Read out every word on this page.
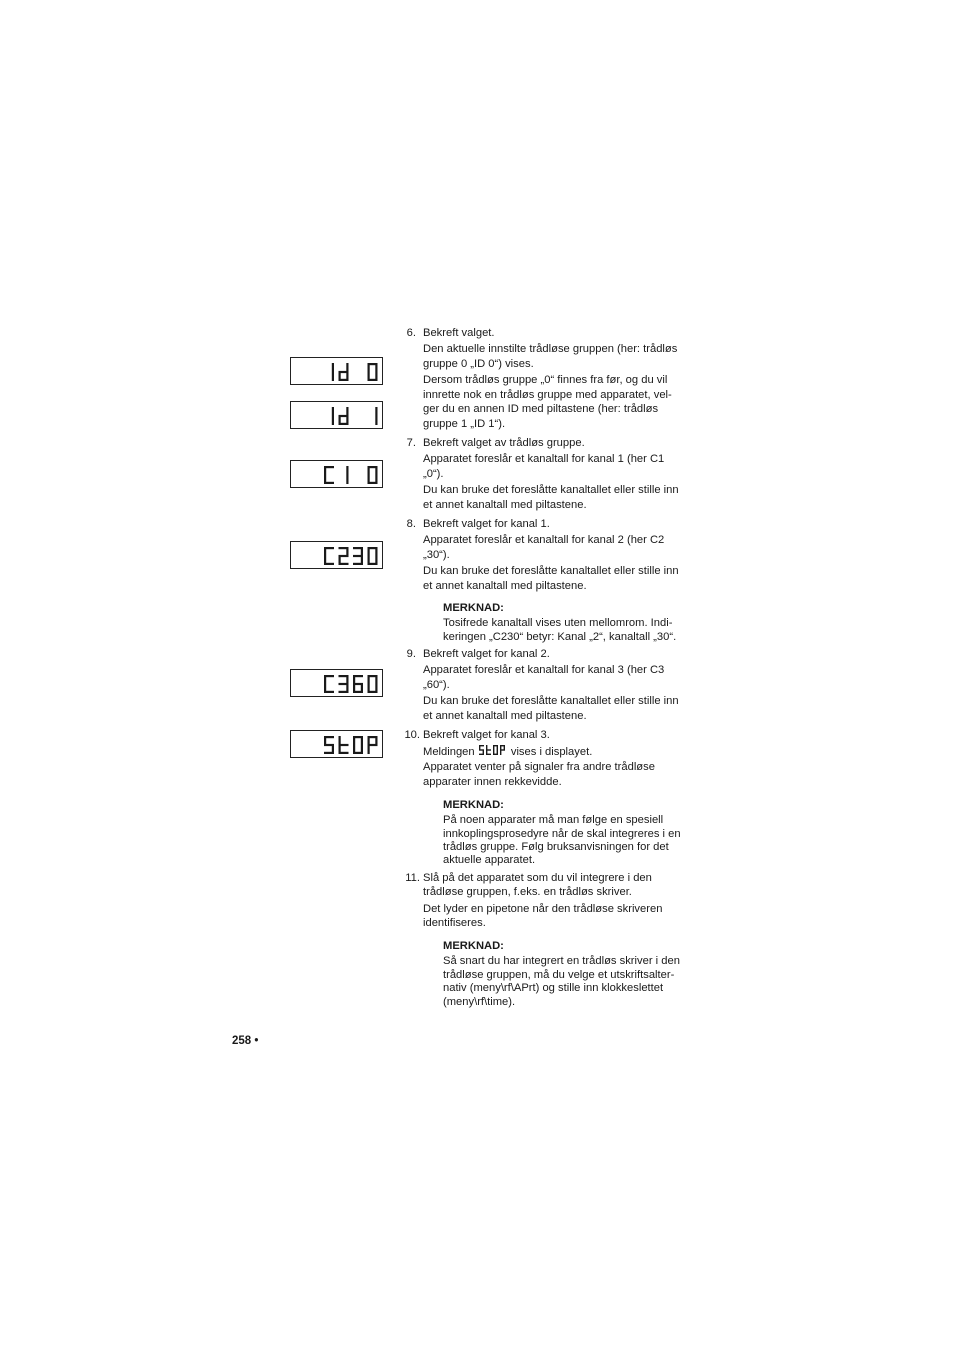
6. Bekreft valget.
Den aktuelle innstilte trådløse gruppen (her: trådløs
gruppe 0 „ID 0“) vises.
Dersom trådløs gruppe „0“ finnes fra før, og du vil
innrette nok en trådløs gruppe med apparatet, vel-
ger du en annen ID med piltastene (her: trådløs
gruppe 1 „ID 1“).
7. Bekreft valget av trådløs gruppe.
Apparatet foreslår et kanaltall for kanal 1 (her C1
„0“).
Du kan bruke det foreslåtte kanaltallet eller stille inn
et annet kanaltall med piltastene.
8. Bekreft valget for kanal 1.
Apparatet foreslår et kanaltall for kanal 2 (her C2
„30“).
Du kan bruke det foreslåtte kanaltallet eller stille inn
et annet kanaltall med piltastene.
MERKNAD:
Tosifrede kanaltall vises uten mellomrom. Indi-
keringen „C230“ betyr: Kanal „2“, kanaltall „30“.
9. Bekreft valget for kanal 2.
Apparatet foreslår et kanaltall for kanal 3 (her C3
„60“).
Du kan bruke det foreslåtte kanaltallet eller stille inn
et annet kanaltall med piltastene.
10. Bekreft valget for kanal 3.
Meldingen	vises i displayet.
Apparatet venter på signaler fra andre trådløse
apparater innen rekkevidde.
MERKNAD:
På noen apparater må man følge en spesiell
innkoplingsprosedyre når de skal integreres i en
trådløs gruppe. Følg bruksanvisningen for det
aktuelle apparatet.
11. Slå på det apparatet som du vil integrere i den
trådløse gruppen, f.eks. en trådløs skriver.
Det lyder en pipetone når den trådløse skriveren
identifiseres.
MERKNAD:
Så snart du har integrert en trådløs skriver i den
trådløse gruppen, må du velge et utskriftsalter-
nativ (meny\rf\APrt) og stille inn klokkeslettet
(meny\rf\time).
258 •
